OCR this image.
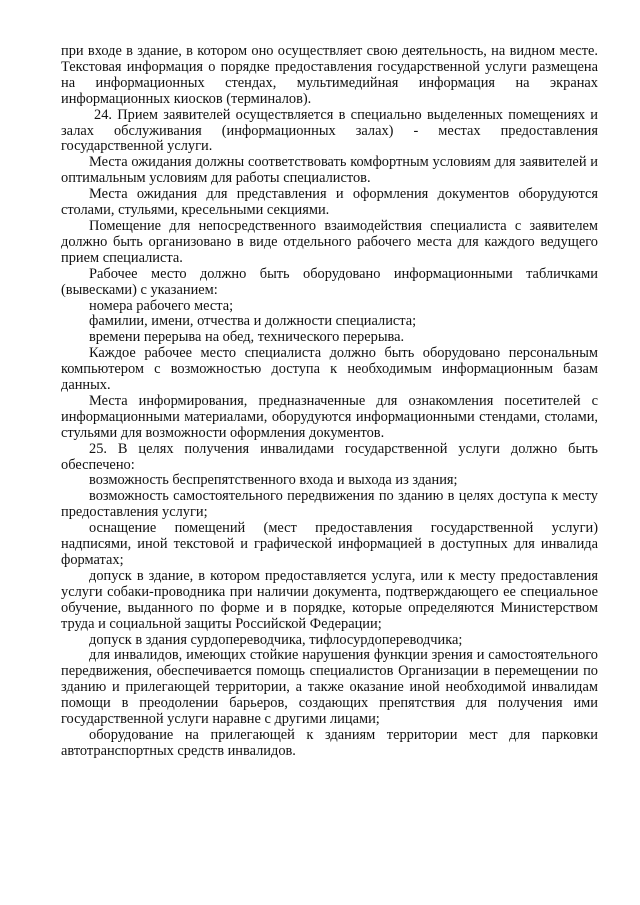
при входе в здание, в котором оно осуществляет свою деятельность, на видном месте. Текстовая информация о порядке предоставления государственной услуги размещена на информационных стендах, мультимедийная информация на экранах информационных киосков (терминалов).

24. Прием заявителей осуществляется в специально выделенных помещениях и залах обслуживания (информационных залах) - местах предоставления государственной услуги.

Места ожидания должны соответствовать комфортным условиям для заявителей и оптимальным условиям для работы специалистов.

Места ожидания для представления и оформления документов оборудуются столами, стульями, кресельными секциями.

Помещение для непосредственного взаимодействия специалиста с заявителем должно быть организовано в виде отдельного рабочего места для каждого ведущего прием специалиста.

Рабочее место должно быть оборудовано информационными табличками (вывесками) с указанием:

номера рабочего места;

фамилии, имени, отчества и должности специалиста;

времени перерыва на обед, технического перерыва.

Каждое рабочее место специалиста должно быть оборудовано персональным компьютером с возможностью доступа к необходимым информационным базам данных.

Места информирования, предназначенные для ознакомления посетителей с информационными материалами, оборудуются информационными стендами, столами, стульями для возможности оформления документов.

25. В целях получения инвалидами государственной услуги должно быть обеспечено:

возможность беспрепятственного входа и выхода из здания;

возможность самостоятельного передвижения по зданию в целях доступа к месту предоставления услуги;

оснащение помещений (мест предоставления государственной услуги) надписями, иной текстовой и графической информацией в доступных для инвалида форматах;

допуск в здание, в котором предоставляется услуга, или к месту предоставления услуги собаки-проводника при наличии документа, подтверждающего ее специальное обучение, выданного по форме и в порядке, которые определяются Министерством труда и социальной защиты Российской Федерации;

допуск в здания сурдопереводчика, тифлосурдопереводчика;

для инвалидов, имеющих стойкие нарушения функции зрения и самостоятельного передвижения, обеспечивается помощь специалистов Организации в перемещении по зданию и прилегающей территории, а также оказание иной необходимой инвалидам помощи в преодолении барьеров, создающих препятствия для получения ими государственной услуги наравне с другими лицами;

оборудование на прилегающей к зданиям территории мест для парковки автотранспортных средств инвалидов.
